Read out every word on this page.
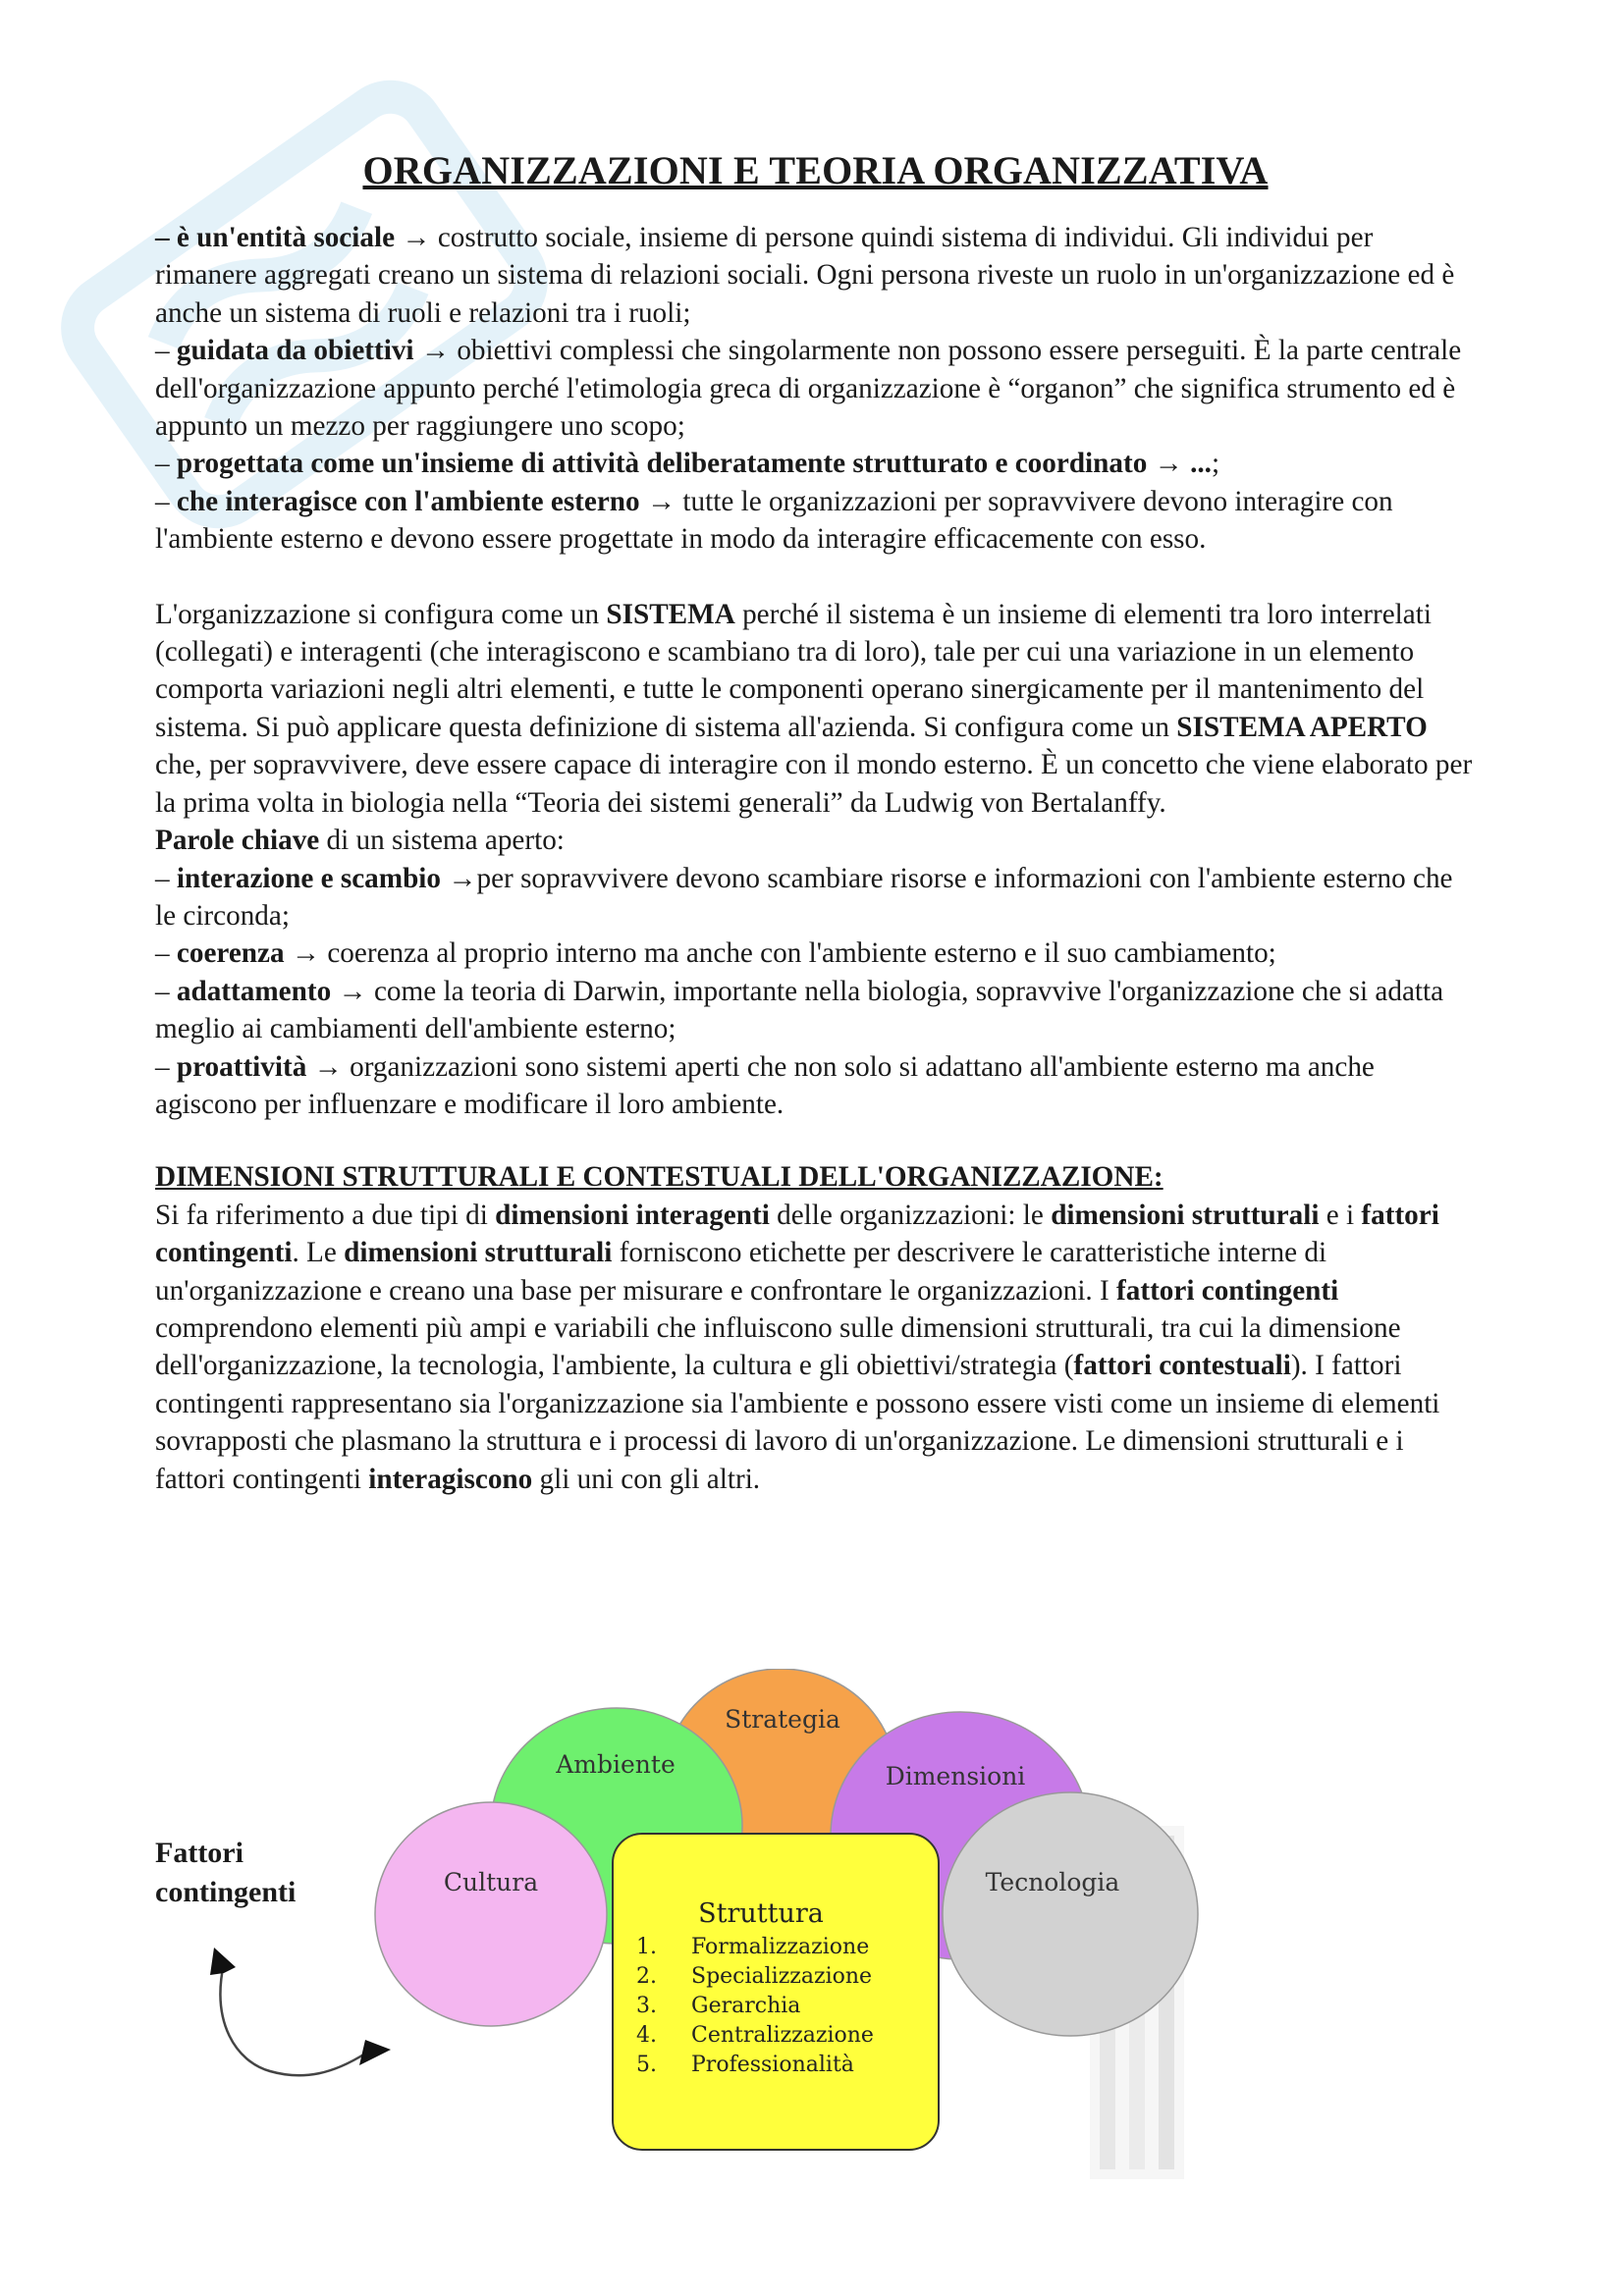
ORGANIZZAZIONI E TEORIA ORGANIZZATIVA

– è un'entità sociale → costrutto sociale, insieme di persone quindi sistema di individui. Gli individui per rimanere aggregati creano un sistema di relazioni sociali. Ogni persona riveste un ruolo in un'organizzazione ed è anche un sistema di ruoli e relazioni tra i ruoli;

– guidata da obiettivi → obiettivi complessi che singolarmente non possono essere perseguiti. È la parte centrale dell'organizzazione appunto perché l'etimologia greca di organizzazione è “organon” che significa strumento ed è appunto un mezzo per raggiungere uno scopo;

– progettata come un'insieme di attività deliberatamente strutturato e coordinato → ...;

– che interagisce con l'ambiente esterno → tutte le organizzazioni per sopravvivere devono interagire con l'ambiente esterno e devono essere progettate in modo da interagire efficacemente con esso.

L'organizzazione si configura come un SISTEMA perché il sistema è un insieme di elementi tra loro interrelati (collegati) e interagenti (che interagiscono e scambiano tra di loro), tale per cui una variazione in un elemento comporta variazioni negli altri elementi, e tutte le componenti operano sinergicamente per il mantenimento del sistema. Si può applicare questa definizione di sistema all'azienda. Si configura come un SISTEMA APERTO che, per sopravvivere, deve essere capace di interagire con il mondo esterno. È un concetto che viene elaborato per la prima volta in biologia nella “Teoria dei sistemi generali” da Ludwig von Bertalanffy.

Parole chiave di un sistema aperto:

– interazione e scambio →per sopravvivere devono scambiare risorse e informazioni con l'ambiente esterno che le circonda;

– coerenza → coerenza al proprio interno ma anche con l'ambiente esterno e il suo cambiamento;

– adattamento → come la teoria di Darwin, importante nella biologia, sopravvive l'organizzazione che si adatta meglio ai cambiamenti dell'ambiente esterno;

– proattività → organizzazioni sono sistemi aperti che non solo si adattano all'ambiente esterno ma anche agiscono per influenzare e modificare il loro ambiente.

DIMENSIONI STRUTTURALI E CONTESTUALI DELL'ORGANIZZAZIONE:

Si fa riferimento a due tipi di dimensioni interagenti delle organizzazioni: le dimensioni strutturali e i fattori contingenti. Le dimensioni strutturali forniscono etichette per descrivere le caratteristiche interne di un'organizzazione e creano una base per misurare e confrontare le organizzazioni. I fattori contingenti comprendono elementi più ampi e variabili che influiscono sulle dimensioni strutturali, tra cui la dimensione dell'organizzazione, la tecnologia, l'ambiente, la cultura e gli obiettivi/strategia (fattori contestuali). I fattori contingenti rappresentano sia l'organizzazione sia l'ambiente e possono essere visti come un insieme di elementi sovrapposti che plasmano la struttura e i processi di lavoro di un'organizzazione. Le dimensioni strutturali e i fattori contingenti interagiscono gli uni con gli altri.

Fattori
contingenti
Strategia
Ambiente	Dimensioni
Cultura	Tecnologia
Struttura
1. Formalizzazione
2. Specializzazione
3. Gerarchia
4. Centralizzazione
5. Professionalità
